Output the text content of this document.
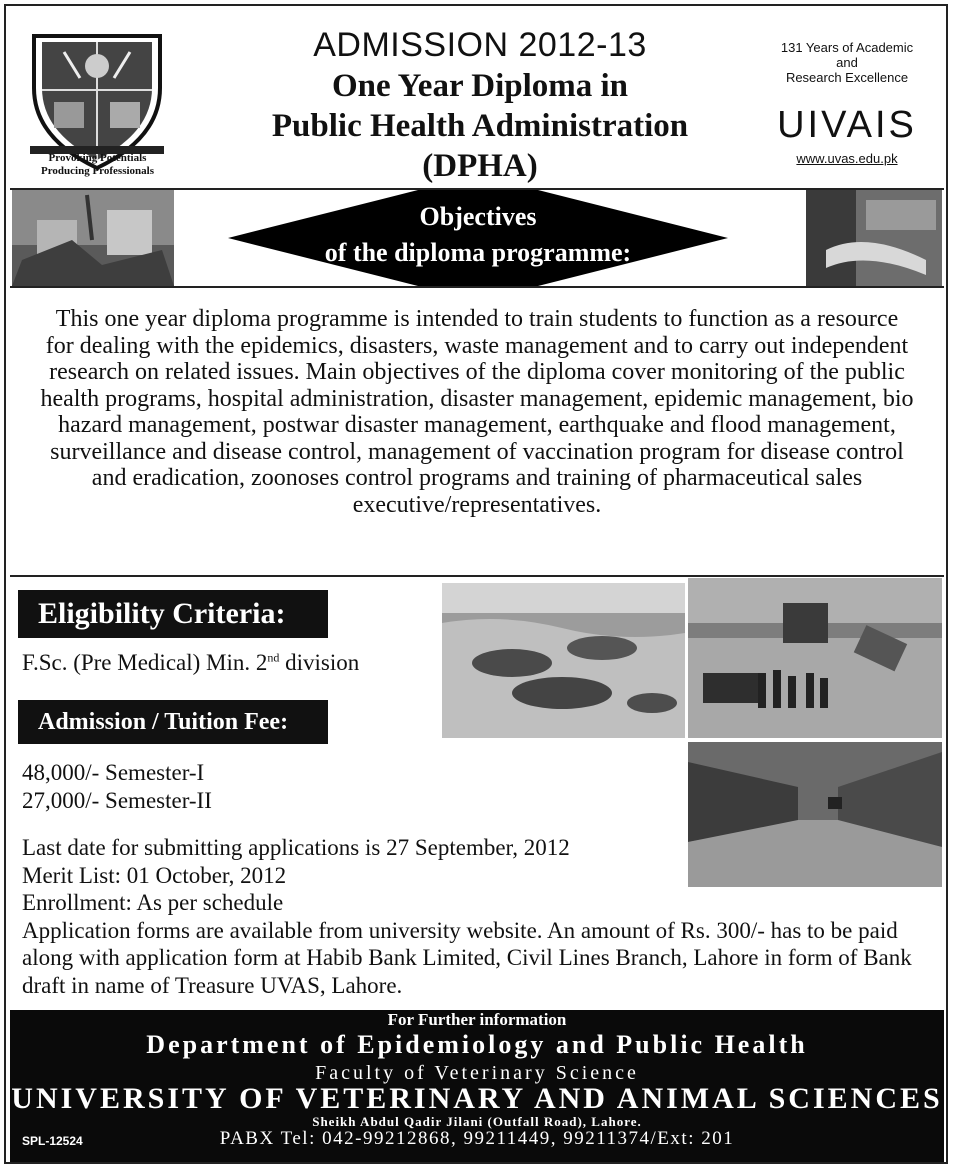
Provoking Potentials
Producing Professionals
ADMISSION 2012-13
One Year Diploma in
Public Health Administration
(DPHA)
131 Years of Academic
and
Research Excellence
UIVAIS
www.uvas.edu.pk
Objectives
of the diploma programme:
This one year diploma programme is intended to train students to function as a resource for dealing with the epidemics, disasters, waste management and to carry out independent research on related issues. Main objectives of the diploma cover monitoring of the public health programs, hospital administration, disaster management, epidemic management, bio hazard management, postwar disaster management, earthquake and flood management, surveillance and disease control, management of vaccination program for disease control and eradication, zoonoses control programs and training of pharmaceutical sales executive/representatives.
Eligibility Criteria:
F.Sc. (Pre Medical) Min. 2nd division
Admission / Tuition Fee:
48,000/- Semester-I
27,000/- Semester-II
Last date for submitting applications is 27 September, 2012
Merit List: 01 October, 2012
Enrollment: As per schedule
Application forms are available from university website. An amount of Rs. 300/- has to be paid along with application form at Habib Bank Limited, Civil Lines Branch, Lahore in form of Bank draft in name of Treasure UVAS, Lahore.
For Further information
Department of Epidemiology and Public Health
Faculty of Veterinary Science
UNIVERSITY OF VETERINARY AND ANIMAL SCIENCES
Sheikh Abdul Qadir Jilani (Outfall Road), Lahore.
PABX Tel: 042-99212868, 99211449, 99211374/Ext: 201
SPL-12524
